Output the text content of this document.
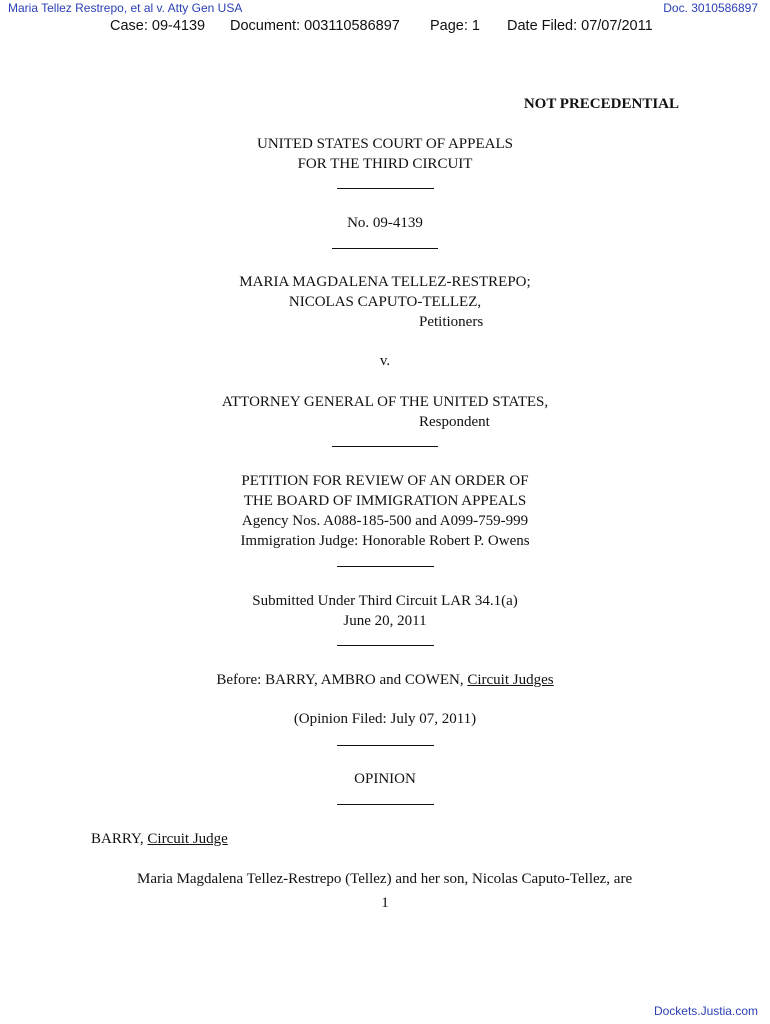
Maria Tellez Restrepo, et al v. Atty Gen USA	Doc. 3010586897
Case: 09-4139 Document: 003110586897 Page: 1 Date Filed: 07/07/2011
NOT PRECEDENTIAL
UNITED STATES COURT OF APPEALS
FOR THE THIRD CIRCUIT
No. 09-4139
MARIA MAGDALENA TELLEZ-RESTREPO;
NICOLAS CAPUTO-TELLEZ,
Petitioners
v.
ATTORNEY GENERAL OF THE UNITED STATES,
Respondent
PETITION FOR REVIEW OF AN ORDER OF
THE BOARD OF IMMIGRATION APPEALS
Agency Nos. A088-185-500 and A099-759-999
Immigration Judge: Honorable Robert P. Owens
Submitted Under Third Circuit LAR 34.1(a)
June 20, 2011
Before: BARRY, AMBRO and COWEN, Circuit Judges
(Opinion Filed: July 07, 2011)
OPINION
BARRY, Circuit Judge
Maria Magdalena Tellez-Restrepo (Tellez) and her son, Nicolas Caputo-Tellez, are
1
Dockets.Justia.com
